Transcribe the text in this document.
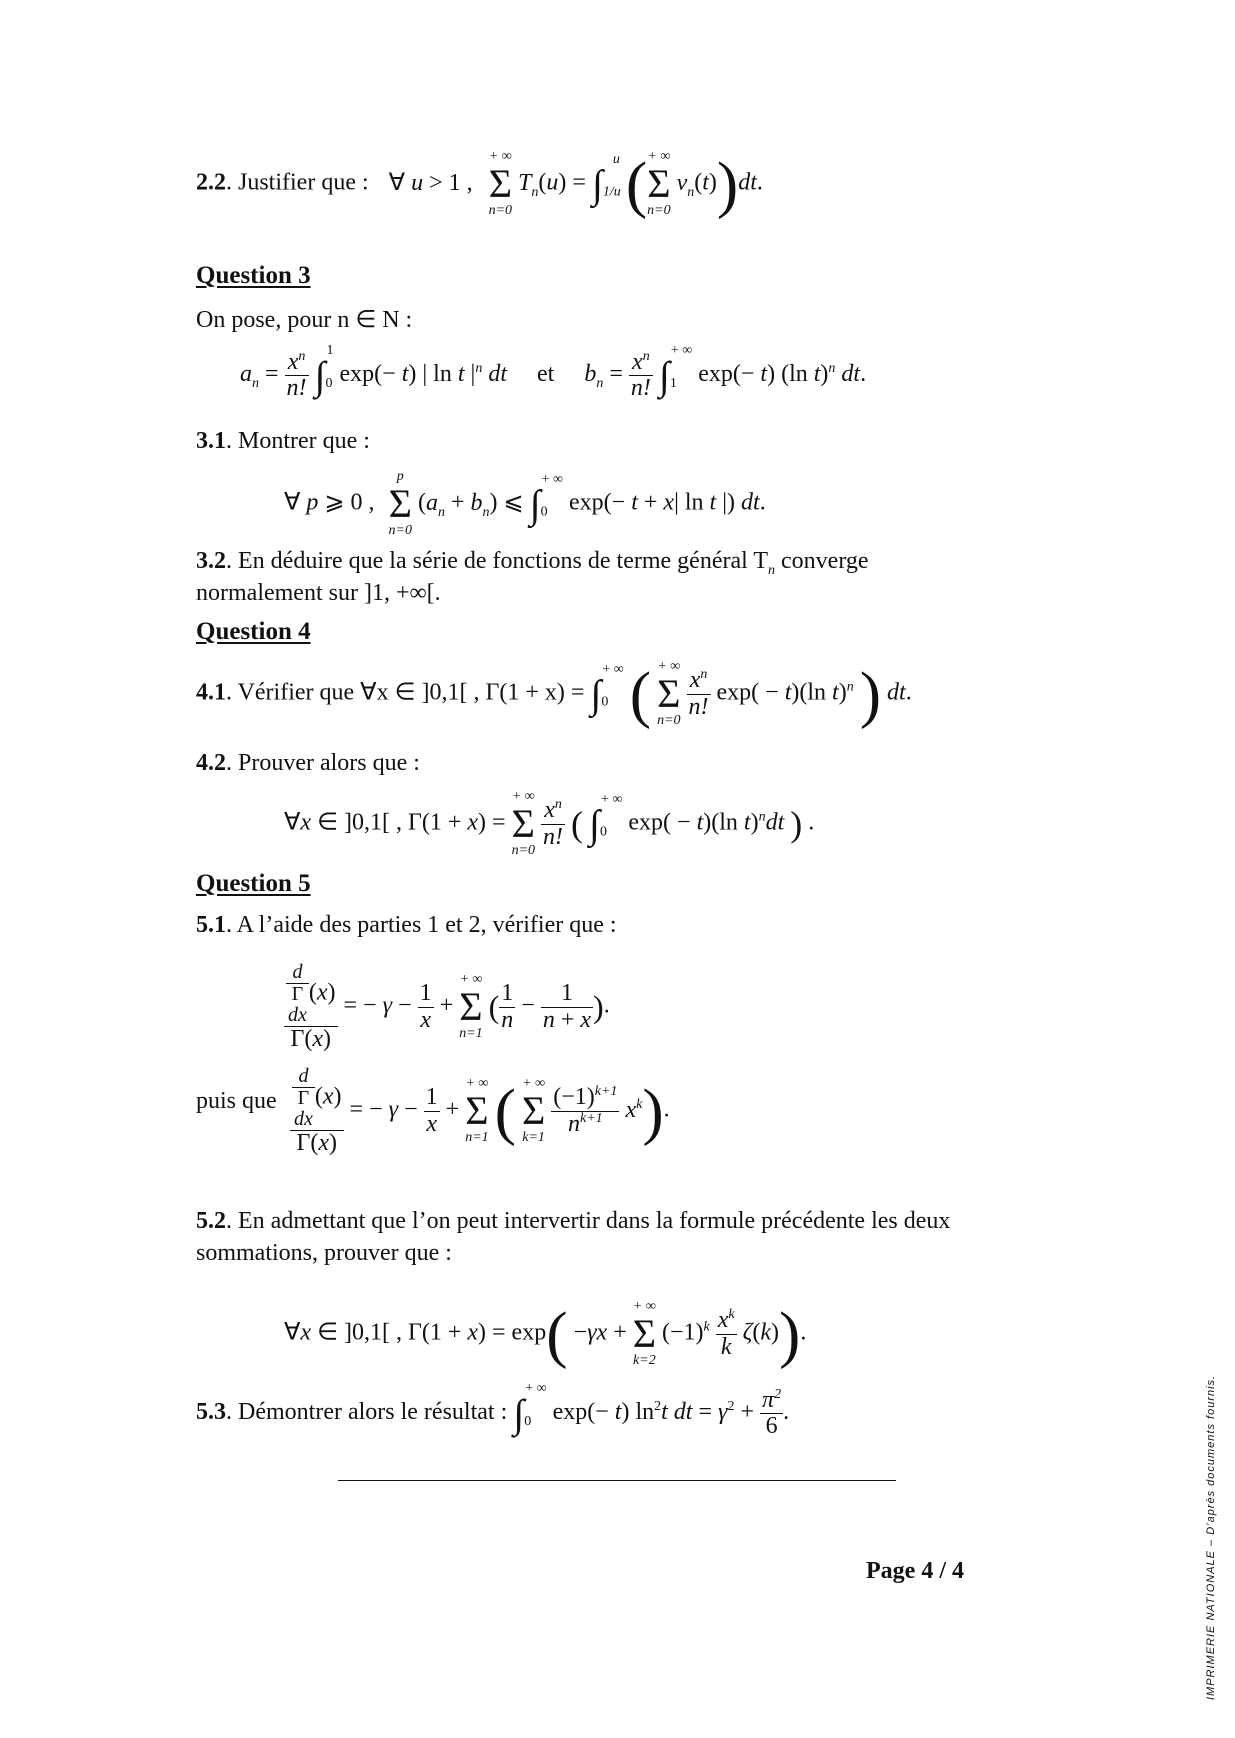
2.2. Justifier que : ∀ u > 1 ,
+ ∞
Σ
n=0
$T_n(u) = \int_{1/u}^u$ ( + ∞
Σ
n=0
$v_n(t))dt$.
Question 3
On pose, pour n ∈ N :
$a_n = \frac{x^n}{n!} \int_0^1$ exp(− t) | ln t $|^n$ dt et $b_n = \frac{x^n}{n!} \int_1^{+ \infty}$ exp(− t) (ln t)$^n$ dt.
3.1. Montrer que :
∀ p ⩾ 0 ,
p
Σ
n=0
$(a_n + b_n)$ ⩽ $\int_0^{+ \infty}$ exp(− t + x| ln t |) dt.
3.2. En déduire que la série de fonctions de terme général $T_n$ converge
normalement sur ]1, +∞[.
Question 4
4.1. Vérifier que ∀x ∈ ]0,1[ , $\Gamma(1 + x) = \int_0^{+ \infty}$ ( + ∞
Σ
n=0

$\frac{x^n}{n!} \exp( - t)(\ln$ t)$^n$ ) dt.
4.2. Prouver alors que :
∀x ∈ ]0,1[ , Γ(1 + x) =
+ ∞
Σ
n=0

$\frac{x^n}{n!}$ ( $\int_0^{+ \infty}$ exp( − t)(ln t)$^n$dt ) .
Question 5
5.1. A l’aide des parties 1 et 2, vérifier que :
d
Γ
dx
(x)
Γ(x) = − $\gamma - \frac{1}{x}$ +
+ ∞
Σ
n=1
( $\frac{1}{n} - \frac{1}{n + x}$ ).
puis que d
Γ
dx
(x)
Γ(x) = − $\gamma - \frac{1}{x}$ +
+ ∞
Σ
n=1 ( + ∞
Σ
k=1

$\frac{(-1)^{k+1}}{n^{k+1}} x^k$).
5.2. En admettant que l’on peut intervertir dans la formule précédente les deux
sommations, prouver que :
∀x ∈ ]0,1[ , Γ(1 + x) = exp( −γx +
+ ∞
Σ
k=2
$(-1)^k \frac{x^k}{k} \zeta(k)$).
5.3. Démontrer alors le résultat : $\int_0^{+ \infty}$ exp(− t) $\ln^2t$ dt = $\gamma^2 + \frac{\pi^2}{6}$ .
Page 4 / 4	IMPRIMERIE NATIONALE – D’après documents fournis.
